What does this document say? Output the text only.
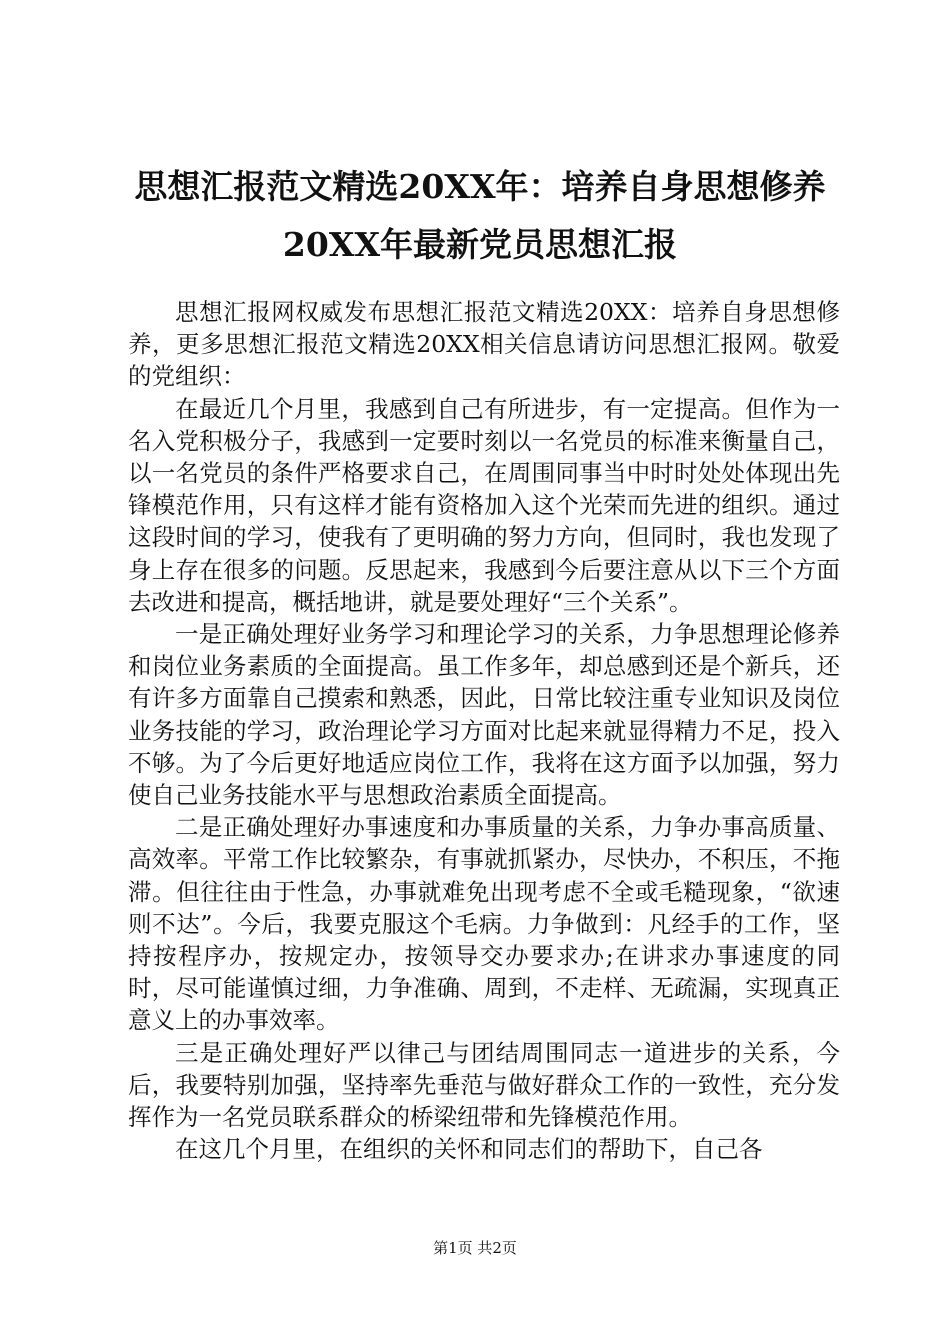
思想汇报范文精选20XX年：培养自身思想修养20XX年最新党员思想汇报

思想汇报网权威发布思想汇报范文精选20XX：培养自身思想修养，更多思想汇报范文精选20XX相关信息请访问思想汇报网。敬爱的党组织：

在最近几个月里，我感到自己有所进步，有一定提高。但作为一名入党积极分子，我感到一定要时刻以一名党员的标准来衡量自己，以一名党员的条件严格要求自己，在周围同事当中时时处处体现出先锋模范作用，只有这样才能有资格加入这个光荣而先进的组织。通过这段时间的学习，使我有了更明确的努力方向，但同时，我也发现了身上存在很多的问题。反思起来，我感到今后要注意从以下三个方面去改进和提高，概括地讲，就是要处理好“三个关系”。

一是正确处理好业务学习和理论学习的关系，力争思想理论修养和岗位业务素质的全面提高。虽工作多年，却总感到还是个新兵，还有许多方面靠自己摸索和熟悉，因此，日常比较注重专业知识及岗位业务技能的学习，政治理论学习方面对比起来就显得精力不足，投入不够。为了今后更好地适应岗位工作，我将在这方面予以加强，努力使自己业务技能水平与思想政治素质全面提高。

二是正确处理好办事速度和办事质量的关系，力争办事高质量、高效率。平常工作比较繁杂，有事就抓紧办，尽快办，不积压，不拖滞。但往往由于性急，办事就难免出现考虑不全或毛糙现象，“欲速则不达”。今后，我要克服这个毛病。力争做到：凡经手的工作，坚持按程序办，按规定办，按领导交办要求办;在讲求办事速度的同时，尽可能谨慎过细，力争准确、周到，不走样、无疏漏，实现真正意义上的办事效率。

三是正确处理好严以律己与团结周围同志一道进步的关系，今后，我要特别加强，坚持率先垂范与做好群众工作的一致性，充分发挥作为一名党员联系群众的桥梁纽带和先锋模范作用。

在这几个月里，在组织的关怀和同志们的帮助下，自己各

第1页 共2页
